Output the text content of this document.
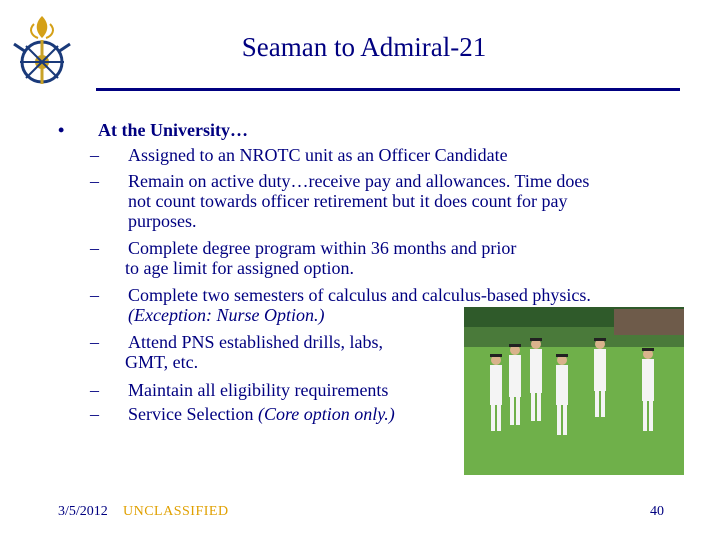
Seaman to Admiral-21
• At the University…
–	Assigned to an NROTC unit as an Officer Candidate
–	Remain on active duty…receive pay and allowances. Time does
not count towards officer retirement but it does count for pay
purposes.
–	Complete degree program within 36 months and prior
to age limit for assigned option.
–	Complete two semesters of calculus and calculus-based physics.
(Exception: Nurse Option.)
–	Attend PNS established drills, labs,
GMT, etc.
–	Maintain all eligibility requirements
–	Service Selection (Core option only.)
3/5/2012 UNCLASSIFIED	40
